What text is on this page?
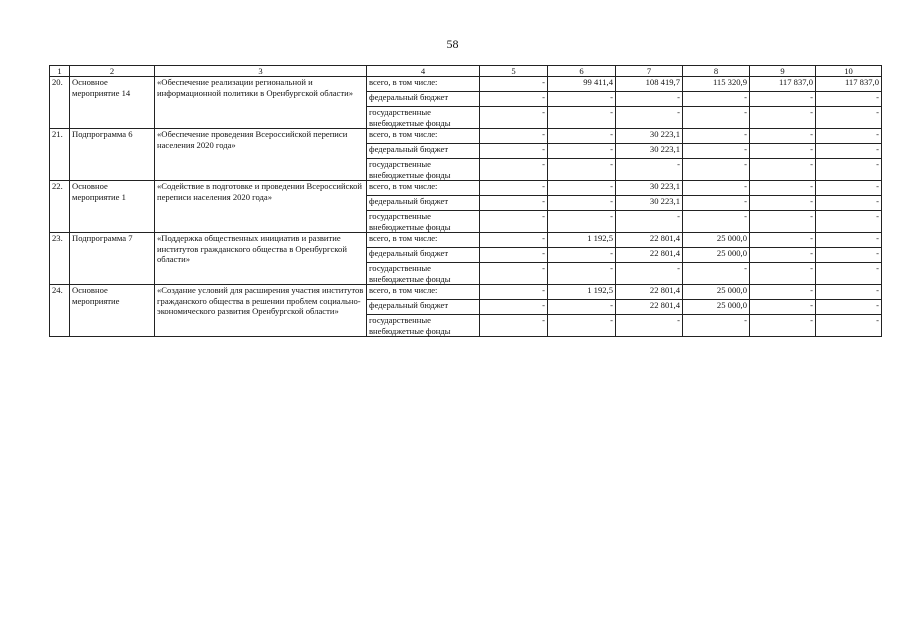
58
1	2	3	4	5	6	7	8	9	10
20.	Основное мероприятие 14	«Обеспечение реализации региональной и информационной политики в Оренбургской области»	всего, в том числе:	-	99 411,4	108 419,7	115 320,9	117 837,0	117 837,0
			федеральный бюджет	-	-	-	-	-	-
			государственные внебюджетные фонды	-	-	-	-	-	-
21.	Подпрограмма 6	«Обеспечение проведения Всероссийской переписи населения 2020 года»	всего, в том числе:	-	-	30 223,1	-	-	-
			федеральный бюджет	-	-	30 223,1	-	-	-
			государственные внебюджетные фонды	-	-	-	-	-	-
22.	Основное мероприятие 1	«Содействие в подготовке и проведении Всероссийской переписи населения 2020 года»	всего, в том числе:	-	-	30 223,1	-	-	-
			федеральный бюджет	-	-	30 223,1	-	-	-
			государственные внебюджетные фонды	-	-	-	-	-	-
23.	Подпрограмма 7	«Поддержка общественных инициатив и развитие институтов гражданского общества в Оренбургской области»	всего, в том числе:	-	1 192,5	22 801,4	25 000,0	-	-
			федеральный бюджет	-	-	22 801,4	25 000,0	-	-
			государственные внебюджетные фонды	-	-	-	-	-	-
24.	Основное мероприятие	«Создание условий для расширения участия институтов гражданского общества в решении проблем социально-экономического развития Оренбургской области»	всего, в том числе:	-	1 192,5	22 801,4	25 000,0	-	-
			федеральный бюджет	-	-	22 801,4	25 000,0	-	-
			государственные внебюджетные фонды	-	-	-	-	-	-
